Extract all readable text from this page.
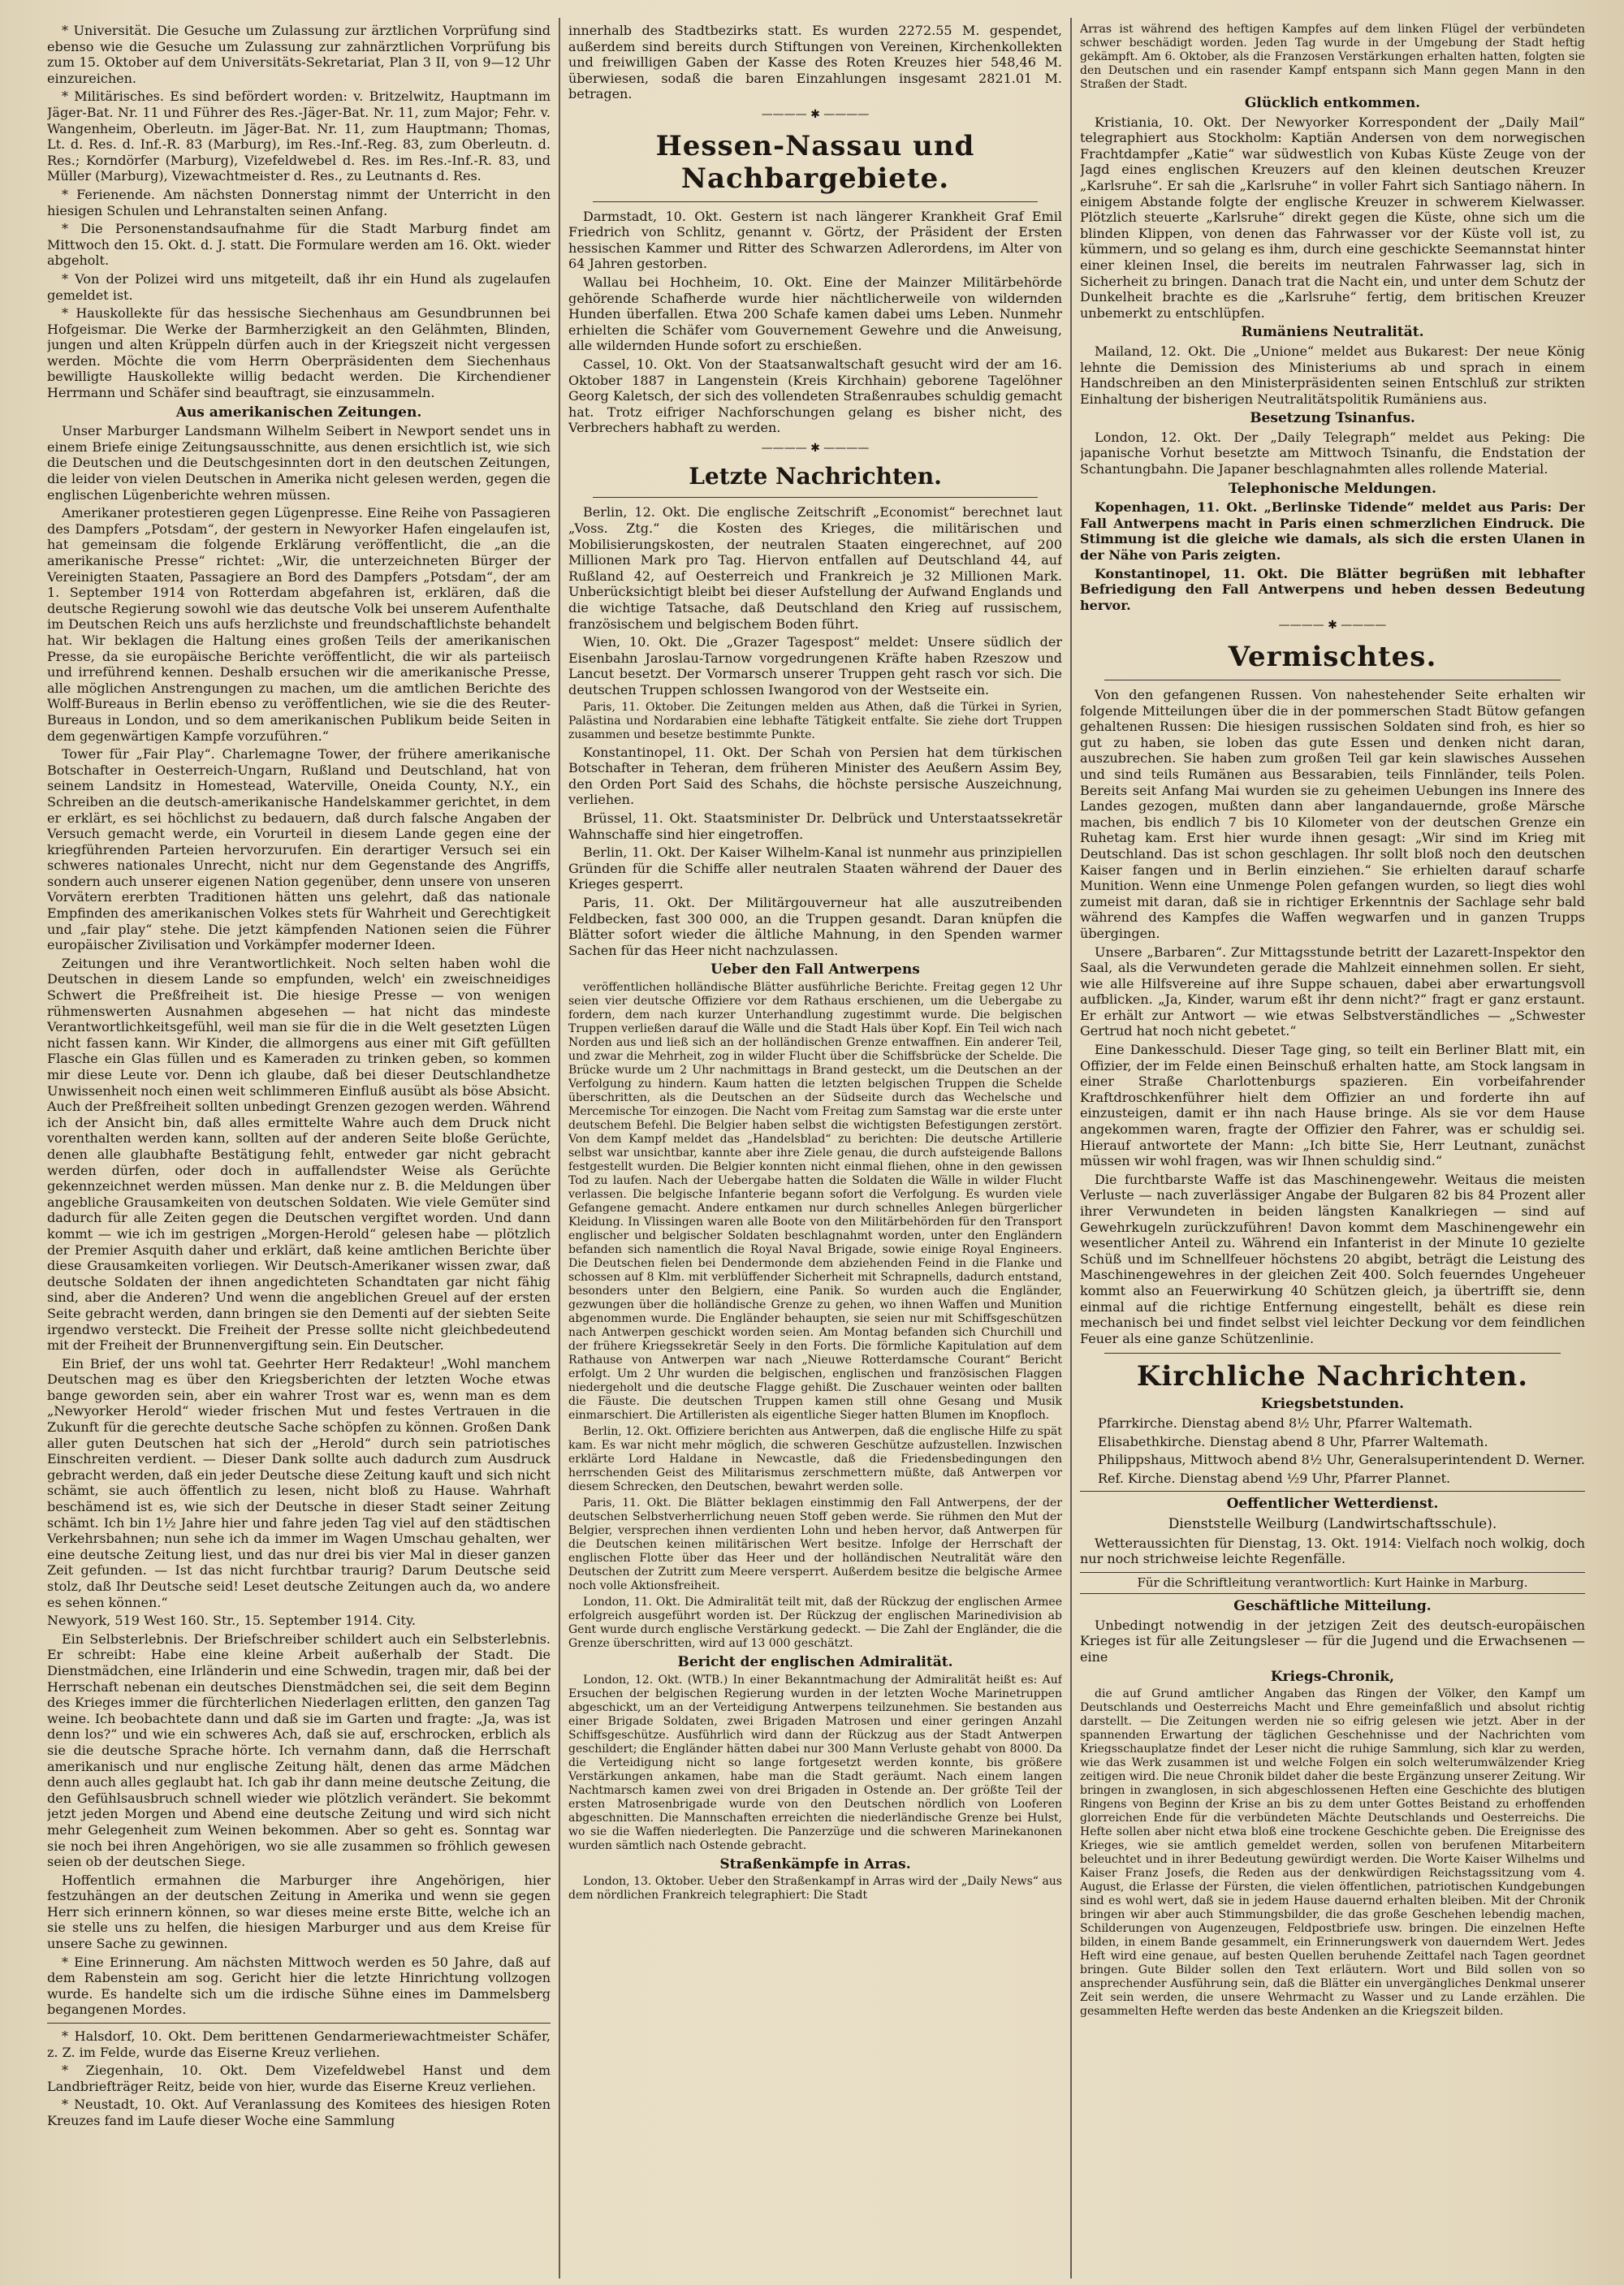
* Universität. Die Gesuche um Zulassung zur ärztlichen Vorprüfung sind ebenso wie die Gesuche um Zulassung zur zahnärztlichen Vorprüfung bis zum 15. Oktober auf dem Universitäts-Sekretariat, Plan 3 II, von 9—12 Uhr einzureichen.

* Militärisches. Es sind befördert worden: v. Britzelwitz, Hauptmann im Jäger-Bat. Nr. 11 und Führer des Res.-Jäger-Bat. Nr. 11, zum Major; Fehr. v. Wangenheim, Oberleutn. im Jäger-Bat. Nr. 11, zum Hauptmann; Thomas, Lt. d. Res. d. Inf.-R. 83 (Marburg), im Res.-Inf.-Reg. 83, zum Oberleutn. d. Res.; Korndörfer (Marburg), Vizefeldwebel d. Res. im Res.-Inf.-R. 83, und Müller (Marburg), Vizewachtmeister d. Res., zu Leutnants d. Res.

* Ferienende. Am nächsten Donnerstag nimmt der Unterricht in den hiesigen Schulen und Lehranstalten seinen Anfang.

* Die Personenstandsaufnahme für die Stadt Marburg findet am Mittwoch den 15. Okt. d. J. statt. Die Formulare werden am 16. Okt. wieder abgeholt.

* Von der Polizei wird uns mitgeteilt, daß ihr ein Hund als zugelaufen gemeldet ist.

* Hauskollekte für das hessische Siechenhaus am Gesundbrunnen bei Hofgeismar. Die Werke der Barmherzigkeit an den Gelähmten, Blinden, jungen und alten Krüppeln dürfen auch in der Kriegszeit nicht vergessen werden. Möchte die vom Herrn Oberpräsidenten dem Siechenhaus bewilligte Hauskollekte willig bedacht werden. Die Kirchendiener Herrmann und Schäfer sind beauftragt, sie einzusammeln.

Aus amerikanischen Zeitungen.

Unser Marburger Landsmann Wilhelm Seibert in Newport sendet uns in einem Briefe einige Zeitungsausschnitte, aus denen ersichtlich ist, wie sich die Deutschen und die Deutschgesinnten dort in den deutschen Zeitungen, die leider von vielen Deutschen in Amerika nicht gelesen werden, gegen die englischen Lügenberichte wehren müssen.

Amerikaner protestieren gegen Lügenpresse. Eine Reihe von Passagieren des Dampfers „Potsdam“, der gestern in Newyorker Hafen eingelaufen ist, hat gemeinsam die folgende Erklärung veröffentlicht, die „an die amerikanische Presse“ richtet: „Wir, die unterzeichneten Bürger der Vereinigten Staaten, Passagiere an Bord des Dampfers „Potsdam“, der am 1. September 1914 von Rotterdam abgefahren ist, erklären, daß die deutsche Regierung sowohl wie das deutsche Volk bei unserem Aufenthalte im Deutschen Reich uns aufs herzlichste und freundschaftlichste behandelt hat. Wir beklagen die Haltung eines großen Teils der amerikanischen Presse, da sie europäische Berichte veröffentlicht, die wir als parteiisch und irreführend kennen. Deshalb ersuchen wir die amerikanische Presse, alle möglichen Anstrengungen zu machen, um die amtlichen Berichte des Wolff-Bureaus in Berlin ebenso zu veröffentlichen, wie sie die des Reuter-Bureaus in London, und so dem amerikanischen Publikum beide Seiten in dem gegenwärtigen Kampfe vorzuführen.“

Tower für „Fair Play“. Charlemagne Tower, der frühere amerikanische Botschafter in Oesterreich-Ungarn, Rußland und Deutschland, hat von seinem Landsitz in Homestead, Waterville, Oneida County, N.Y., ein Schreiben an die deutsch-amerikanische Handelskammer gerichtet, in dem er erklärt, es sei höchlichst zu bedauern, daß durch falsche Angaben der Versuch gemacht werde, ein Vorurteil in diesem Lande gegen eine der kriegführenden Parteien hervorzurufen. Ein derartiger Versuch sei ein schweres nationales Unrecht, nicht nur dem Gegenstande des Angriffs, sondern auch unserer eigenen Nation gegenüber, denn unsere von unseren Vorvätern ererbten Traditionen hätten uns gelehrt, daß das nationale Empfinden des amerikanischen Volkes stets für Wahrheit und Gerechtigkeit und „fair play“ stehe. Die jetzt kämpfenden Nationen seien die Führer europäischer Zivilisation und Vorkämpfer moderner Ideen.

Zeitungen und ihre Verantwortlichkeit. Noch selten haben wohl die Deutschen in diesem Lande so empfunden, welch' ein zweischneidiges Schwert die Preßfreiheit ist. Die hiesige Presse — von wenigen rühmenswerten Ausnahmen abgesehen — hat nicht das mindeste Verantwortlichkeitsgefühl, weil man sie für die in die Welt gesetzten Lügen nicht fassen kann. Wir Kinder, die allmorgens aus einer mit Gift gefüllten Flasche ein Glas füllen und es Kameraden zu trinken geben, so kommen mir diese Leute vor. Denn ich glaube, daß bei dieser Deutschlandhetze Unwissenheit noch einen weit schlimmeren Einfluß ausübt als böse Absicht. Auch der Preßfreiheit sollten unbedingt Grenzen gezogen werden. Während ich der Ansicht bin, daß alles ermittelte Wahre auch dem Druck nicht vorenthalten werden kann, sollten auf der anderen Seite bloße Gerüchte, denen alle glaubhafte Bestätigung fehlt, entweder gar nicht gebracht werden dürfen, oder doch in auffallendster Weise als Gerüchte gekennzeichnet werden müssen. Man denke nur z. B. die Meldungen über angebliche Grausamkeiten von deutschen Soldaten. Wie viele Gemüter sind dadurch für alle Zeiten gegen die Deutschen vergiftet worden. Und dann kommt — wie ich im gestrigen „Morgen-Herold“ gelesen habe — plötzlich der Premier Asquith daher und erklärt, daß keine amtlichen Berichte über diese Grausamkeiten vorliegen. Wir Deutsch-Amerikaner wissen zwar, daß deutsche Soldaten der ihnen angedichteten Schandtaten gar nicht fähig sind, aber die Anderen? Und wenn die angeblichen Greuel auf der ersten Seite gebracht werden, dann bringen sie den Dementi auf der siebten Seite irgendwo versteckt. Die Freiheit der Presse sollte nicht gleichbedeutend mit der Freiheit der Brunnenvergiftung sein. Ein Deutscher.

Ein Brief, der uns wohl tat. Geehrter Herr Redakteur! „Wohl manchem Deutschen mag es über den Kriegsberichten der letzten Woche etwas bange geworden sein, aber ein wahrer Trost war es, wenn man es dem „Newyorker Herold“ wieder frischen Mut und festes Vertrauen in die Zukunft für die gerechte deutsche Sache schöpfen zu können. Großen Dank aller guten Deutschen hat sich der „Herold“ durch sein patriotisches Einschreiten verdient. — Dieser Dank sollte auch dadurch zum Ausdruck gebracht werden, daß ein jeder Deutsche diese Zeitung kauft und sich nicht schämt, sie auch öffentlich zu lesen, nicht bloß zu Hause. Wahrhaft beschämend ist es, wie sich der Deutsche in dieser Stadt seiner Zeitung schämt. Ich bin 1½ Jahre hier und fahre jeden Tag viel auf den städtischen Verkehrsbahnen; nun sehe ich da immer im Wagen Umschau gehalten, wer eine deutsche Zeitung liest, und das nur drei bis vier Mal in dieser ganzen Zeit gefunden. — Ist das nicht furchtbar traurig? Darum Deutsche seid stolz, daß Ihr Deutsche seid! Leset deutsche Zeitungen auch da, wo andere es sehen können.“

Newyork, 519 West 160. Str., 15. September 1914. City.

Ein Selbsterlebnis. Der Briefschreiber schildert auch ein Selbsterlebnis. Er schreibt: Habe eine kleine Arbeit außerhalb der Stadt. Die Dienstmädchen, eine Irländerin und eine Schwedin, tragen mir, daß bei der Herrschaft nebenan ein deutsches Dienstmädchen sei, die seit dem Beginn des Krieges immer die fürchterlichen Niederlagen erlitten, den ganzen Tag weine. Ich beobachtete dann und daß sie im Garten und fragte: „Ja, was ist denn los?“ und wie ein schweres Ach, daß sie auf, erschrocken, erblich als sie die deutsche Sprache hörte. Ich vernahm dann, daß die Herrschaft amerikanisch und nur englische Zeitung hält, denen das arme Mädchen denn auch alles geglaubt hat. Ich gab ihr dann meine deutsche Zeitung, die den Gefühlsausbruch schnell wieder wie plötzlich verändert. Sie bekommt jetzt jeden Morgen und Abend eine deutsche Zeitung und wird sich nicht mehr Gelegenheit zum Weinen bekommen. Aber so geht es. Sonntag war sie noch bei ihren Angehörigen, wo sie alle zusammen so fröhlich gewesen seien ob der deutschen Siege.

Hoffentlich ermahnen die Marburger ihre Angehörigen, hier festzuhängen an der deutschen Zeitung in Amerika und wenn sie gegen Herr sich erinnern können, so war dieses meine erste Bitte, welche ich an sie stelle uns zu helfen, die hiesigen Marburger und aus dem Kreise für unsere Sache zu gewinnen.

* Eine Erinnerung. Am nächsten Mittwoch werden es 50 Jahre, daß auf dem Rabenstein am sog. Gericht hier die letzte Hinrichtung vollzogen wurde. Es handelte sich um die irdische Sühne eines im Dammelsberg begangenen Mordes.

* Halsdorf, 10. Okt. Dem berittenen Gendarmeriewachtmeister Schäfer, z. Z. im Felde, wurde das Eiserne Kreuz verliehen.

* Ziegenhain, 10. Okt. Dem Vizefeldwebel Hanst und dem Landbriefträger Reitz, beide von hier, wurde das Eiserne Kreuz verliehen.

* Neustadt, 10. Okt. Auf Veranlassung des Komitees des hiesigen Roten Kreuzes fand im Laufe dieser Woche eine Sammlung

innerhalb des Stadtbezirks statt. Es wurden 2272.55 M. gespendet, außerdem sind bereits durch Stiftungen von Vereinen, Kirchenkollekten und freiwilligen Gaben der Kasse des Roten Kreuzes hier 548,46 M. überwiesen, sodaß die baren Einzahlungen insgesamt 2821.01 M. betragen.

———— ✱ ————
Hessen-Nassau und Nachbargebiete.

Darmstadt, 10. Okt. Gestern ist nach längerer Krankheit Graf Emil Friedrich von Schlitz, genannt v. Görtz, der Präsident der Ersten hessischen Kammer und Ritter des Schwarzen Adlerordens, im Alter von 64 Jahren gestorben.

Wallau bei Hochheim, 10. Okt. Eine der Mainzer Militärbehörde gehörende Schafherde wurde hier nächtlicherweile von wildernden Hunden überfallen. Etwa 200 Schafe kamen dabei ums Leben. Nunmehr erhielten die Schäfer vom Gouvernement Gewehre und die Anweisung, alle wildernden Hunde sofort zu erschießen.

Cassel, 10. Okt. Von der Staatsanwaltschaft gesucht wird der am 16. Oktober 1887 in Langenstein (Kreis Kirchhain) geborene Tagelöhner Georg Kaletsch, der sich des vollendeten Straßenraubes schuldig gemacht hat. Trotz eifriger Nachforschungen gelang es bisher nicht, des Verbrechers habhaft zu werden.

———— ✱ ————
Letzte Nachrichten.

Berlin, 12. Okt. Die englische Zeitschrift „Economist“ berechnet laut „Voss. Ztg.“ die Kosten des Krieges, die militärischen und Mobilisierungskosten, der neutralen Staaten eingerechnet, auf 200 Millionen Mark pro Tag. Hiervon entfallen auf Deutschland 44, auf Rußland 42, auf Oesterreich und Frankreich je 32 Millionen Mark. Unberücksichtigt bleibt bei dieser Aufstellung der Aufwand Englands und die wichtige Tatsache, daß Deutschland den Krieg auf russischem, französischem und belgischem Boden führt.

Wien, 10. Okt. Die „Grazer Tagespost“ meldet: Unsere südlich der Eisenbahn Jaroslau-Tarnow vorgedrungenen Kräfte haben Rzeszow und Lancut besetzt. Der Vormarsch unserer Truppen geht rasch vor sich. Die deutschen Truppen schlossen Iwangorod von der Westseite ein.

Paris, 11. Oktober. Die Zeitungen melden aus Athen, daß die Türkei in Syrien, Palästina und Nordarabien eine lebhafte Tätigkeit entfalte. Sie ziehe dort Truppen zusammen und besetze bestimmte Punkte.

Konstantinopel, 11. Okt. Der Schah von Persien hat dem türkischen Botschafter in Teheran, dem früheren Minister des Aeußern Assim Bey, den Orden Port Said des Schahs, die höchste persische Auszeichnung, verliehen.

Brüssel, 11. Okt. Staatsminister Dr. Delbrück und Unterstaatssekretär Wahnschaffe sind hier eingetroffen.

Berlin, 11. Okt. Der Kaiser Wilhelm-Kanal ist nunmehr aus prinzipiellen Gründen für die Schiffe aller neutralen Staaten während der Dauer des Krieges gesperrt.

Paris, 11. Okt. Der Militärgouverneur hat alle auszutreibenden Feldbecken, fast 300 000, an die Truppen gesandt. Daran knüpfen die Blätter sofort wieder die ältliche Mahnung, in den Spenden warmer Sachen für das Heer nicht nachzulassen.

Ueber den Fall Antwerpens

veröffentlichen holländische Blätter ausführliche Berichte. Freitag gegen 12 Uhr seien vier deutsche Offiziere vor dem Rathaus erschienen, um die Uebergabe zu fordern, dem nach kurzer Unterhandlung zugestimmt wurde. Die belgischen Truppen verließen darauf die Wälle und die Stadt Hals über Kopf. Ein Teil wich nach Norden aus und ließ sich an der holländischen Grenze entwaffnen. Ein anderer Teil, und zwar die Mehrheit, zog in wilder Flucht über die Schiffsbrücke der Schelde. Die Brücke wurde um 2 Uhr nachmittags in Brand gesteckt, um die Deutschen an der Verfolgung zu hindern. Kaum hatten die letzten belgischen Truppen die Schelde überschritten, als die Deutschen an der Südseite durch das Wechelsche und Mercemische Tor einzogen. Die Nacht vom Freitag zum Samstag war die erste unter deutschem Befehl. Die Belgier haben selbst die wichtigsten Befestigungen zerstört. Von dem Kampf meldet das „Handelsblad“ zu berichten: Die deutsche Artillerie selbst war unsichtbar, kannte aber ihre Ziele genau, die durch aufsteigende Ballons festgestellt wurden. Die Belgier konnten nicht einmal fliehen, ohne in den gewissen Tod zu laufen. Nach der Uebergabe hatten die Soldaten die Wälle in wilder Flucht verlassen. Die belgische Infanterie begann sofort die Verfolgung. Es wurden viele Gefangene gemacht. Andere entkamen nur durch schnelles Anlegen bürgerlicher Kleidung. In Vlissingen waren alle Boote von den Militärbehörden für den Transport englischer und belgischer Soldaten beschlagnahmt worden, unter den Engländern befanden sich namentlich die Royal Naval Brigade, sowie einige Royal Engineers. Die Deutschen fielen bei Dendermonde dem abziehenden Feind in die Flanke und schossen auf 8 Klm. mit verblüffender Sicherheit mit Schrapnells, dadurch entstand, besonders unter den Belgiern, eine Panik. So wurden auch die Engländer, gezwungen über die holländische Grenze zu gehen, wo ihnen Waffen und Munition abgenommen wurde. Die Engländer behaupten, sie seien nur mit Schiffsgeschützen nach Antwerpen geschickt worden seien. Am Montag befanden sich Churchill und der frühere Kriegssekretär Seely in den Forts. Die förmliche Kapitulation auf dem Rathause von Antwerpen war nach „Nieuwe Rotterdamsche Courant“ Bericht erfolgt. Um 2 Uhr wurden die belgischen, englischen und französischen Flaggen niedergeholt und die deutsche Flagge gehißt. Die Zuschauer weinten oder ballten die Fäuste. Die deutschen Truppen kamen still ohne Gesang und Musik einmarschiert. Die Artilleristen als eigentliche Sieger hatten Blumen im Knopfloch.

Berlin, 12. Okt. Offiziere berichten aus Antwerpen, daß die englische Hilfe zu spät kam. Es war nicht mehr möglich, die schweren Geschütze aufzustellen. Inzwischen erklärte Lord Haldane in Newcastle, daß die Friedensbedingungen den herrschenden Geist des Militarismus zerschmettern müßte, daß Antwerpen vor diesem Schrecken, den Deutschen, bewahrt werden solle.

Paris, 11. Okt. Die Blätter beklagen einstimmig den Fall Antwerpens, der der deutschen Selbstverherrlichung neuen Stoff geben werde. Sie rühmen den Mut der Belgier, versprechen ihnen verdienten Lohn und heben hervor, daß Antwerpen für die Deutschen keinen militärischen Wert besitze. Infolge der Herrschaft der englischen Flotte über das Heer und der holländischen Neutralität wäre den Deutschen der Zutritt zum Meere versperrt. Außerdem besitze die belgische Armee noch volle Aktionsfreiheit.

London, 11. Okt. Die Admiralität teilt mit, daß der Rückzug der englischen Armee erfolgreich ausgeführt worden ist. Der Rückzug der englischen Marinedivision ab Gent wurde durch englische Verstärkung gedeckt. — Die Zahl der Engländer, die die Grenze überschritten, wird auf 13 000 geschätzt.

Bericht der englischen Admiralität.

London, 12. Okt. (WTB.) In einer Bekanntmachung der Admiralität heißt es: Auf Ersuchen der belgischen Regierung wurden in der letzten Woche Marinetruppen abgeschickt, um an der Verteidigung Antwerpens teilzunehmen. Sie bestanden aus einer Brigade Soldaten, zwei Brigaden Matrosen und einer geringen Anzahl Schiffsgeschütze. Ausführlich wird dann der Rückzug aus der Stadt Antwerpen geschildert; die Engländer hätten dabei nur 300 Mann Verluste gehabt von 8000. Da die Verteidigung nicht so lange fortgesetzt werden konnte, bis größere Verstärkungen ankamen, habe man die Stadt geräumt. Nach einem langen Nachtmarsch kamen zwei von drei Brigaden in Ostende an. Der größte Teil der ersten Matrosenbrigade wurde von den Deutschen nördlich von Looferen abgeschnitten. Die Mannschaften erreichten die niederländische Grenze bei Hulst, wo sie die Waffen niederlegten. Die Panzerzüge und die schweren Marinekanonen wurden sämtlich nach Ostende gebracht.

Straßenkämpfe in Arras.

London, 13. Oktober. Ueber den Straßenkampf in Arras wird der „Daily News“ aus dem nördlichen Frankreich telegraphiert: Die Stadt

Arras ist während des heftigen Kampfes auf dem linken Flügel der verbündeten schwer beschädigt worden. Jeden Tag wurde in der Umgebung der Stadt heftig gekämpft. Am 6. Oktober, als die Franzosen Verstärkungen erhalten hatten, folgten sie den Deutschen und ein rasender Kampf entspann sich Mann gegen Mann in den Straßen der Stadt.

Glücklich entkommen.

Kristiania, 10. Okt. Der Newyorker Korrespondent der „Daily Mail“ telegraphiert aus Stockholm: Kaptiän Andersen von dem norwegischen Frachtdampfer „Katie“ war südwestlich von Kubas Küste Zeuge von der Jagd eines englischen Kreuzers auf den kleinen deutschen Kreuzer „Karlsruhe“. Er sah die „Karlsruhe“ in voller Fahrt sich Santiago nähern. In einigem Abstande folgte der englische Kreuzer in schwerem Kielwasser. Plötzlich steuerte „Karlsruhe“ direkt gegen die Küste, ohne sich um die blinden Klippen, von denen das Fahrwasser vor der Küste voll ist, zu kümmern, und so gelang es ihm, durch eine geschickte Seemannstat hinter einer kleinen Insel, die bereits im neutralen Fahrwasser lag, sich in Sicherheit zu bringen. Danach trat die Nacht ein, und unter dem Schutz der Dunkelheit brachte es die „Karlsruhe“ fertig, dem britischen Kreuzer unbemerkt zu entschlüpfen.

Rumäniens Neutralität.

Mailand, 12. Okt. Die „Unione“ meldet aus Bukarest: Der neue König lehnte die Demission des Ministeriums ab und sprach in einem Handschreiben an den Ministerpräsidenten seinen Entschluß zur strikten Einhaltung der bisherigen Neutralitätspolitik Rumäniens aus.

Besetzung Tsinanfus.

London, 12. Okt. Der „Daily Telegraph“ meldet aus Peking: Die japanische Vorhut besetzte am Mittwoch Tsinanfu, die Endstation der Schantungbahn. Die Japaner beschlagnahmten alles rollende Material.

Telephonische Meldungen.

Kopenhagen, 11. Okt. „Berlinske Tidende“ meldet aus Paris: Der Fall Antwerpens macht in Paris einen schmerzlichen Eindruck. Die Stimmung ist die gleiche wie damals, als sich die ersten Ulanen in der Nähe von Paris zeigten.

Konstantinopel, 11. Okt. Die Blätter begrüßen mit lebhafter Befriedigung den Fall Antwerpens und heben dessen Bedeutung hervor.

———— ✱ ————
Vermischtes.

Von den gefangenen Russen. Von nahestehender Seite erhalten wir folgende Mitteilungen über die in der pommerschen Stadt Bütow gefangen gehaltenen Russen: Die hiesigen russischen Soldaten sind froh, es hier so gut zu haben, sie loben das gute Essen und denken nicht daran, auszubrechen. Sie haben zum großen Teil gar kein slawisches Aussehen und sind teils Rumänen aus Bessarabien, teils Finnländer, teils Polen. Bereits seit Anfang Mai wurden sie zu geheimen Uebungen ins Innere des Landes gezogen, mußten dann aber langandauernde, große Märsche machen, bis endlich 7 bis 10 Kilometer von der deutschen Grenze ein Ruhetag kam. Erst hier wurde ihnen gesagt: „Wir sind im Krieg mit Deutschland. Das ist schon geschlagen. Ihr sollt bloß noch den deutschen Kaiser fangen und in Berlin einziehen.“ Sie erhielten darauf scharfe Munition. Wenn eine Unmenge Polen gefangen wurden, so liegt dies wohl zumeist mit daran, daß sie in richtiger Erkenntnis der Sachlage sehr bald während des Kampfes die Waffen wegwarfen und in ganzen Trupps übergingen.

Unsere „Barbaren“. Zur Mittagsstunde betritt der Lazarett-Inspektor den Saal, als die Verwundeten gerade die Mahlzeit einnehmen sollen. Er sieht, wie alle Hilfsvereine auf ihre Suppe schauen, dabei aber erwartungsvoll aufblicken. „Ja, Kinder, warum eßt ihr denn nicht?“ fragt er ganz erstaunt. Er erhält zur Antwort — wie etwas Selbstverständliches — „Schwester Gertrud hat noch nicht gebetet.“

Eine Dankesschuld. Dieser Tage ging, so teilt ein Berliner Blatt mit, ein Offizier, der im Felde einen Beinschuß erhalten hatte, am Stock langsam in einer Straße Charlottenburgs spazieren. Ein vorbeifahrender Kraftdroschkenführer hielt dem Offizier an und forderte ihn auf einzusteigen, damit er ihn nach Hause bringe. Als sie vor dem Hause angekommen waren, fragte der Offizier den Fahrer, was er schuldig sei. Hierauf antwortete der Mann: „Ich bitte Sie, Herr Leutnant, zunächst müssen wir wohl fragen, was wir Ihnen schuldig sind.“

Die furchtbarste Waffe ist das Maschinengewehr. Weitaus die meisten Verluste — nach zuverlässiger Angabe der Bulgaren 82 bis 84 Prozent aller ihrer Verwundeten in beiden längsten Kanalkriegen — sind auf Gewehrkugeln zurückzuführen! Davon kommt dem Maschinengewehr ein wesentlicher Anteil zu. Während ein Infanterist in der Minute 10 gezielte Schüß und im Schnellfeuer höchstens 20 abgibt, beträgt die Leistung des Maschinengewehres in der gleichen Zeit 400. Solch feuerndes Ungeheuer kommt also an Feuerwirkung 40 Schützen gleich, ja übertrifft sie, denn einmal auf die richtige Entfernung eingestellt, behält es diese rein mechanisch bei und findet selbst viel leichter Deckung vor dem feindlichen Feuer als eine ganze Schützenlinie.

Kirchliche Nachrichten.
Kriegsbetstunden.

Pfarrkirche. Dienstag abend 8½ Uhr, Pfarrer Waltemath.

Elisabethkirche. Dienstag abend 8 Uhr, Pfarrer Waltemath.

Philippshaus, Mittwoch abend 8½ Uhr, Generalsuperintendent D. Werner.

Ref. Kirche. Dienstag abend ½9 Uhr, Pfarrer Plannet.

Oeffentlicher Wetterdienst.
Dienststelle Weilburg (Landwirtschaftsschule).

Wetteraussichten für Dienstag, 13. Okt. 1914: Vielfach noch wolkig, doch nur noch strichweise leichte Regenfälle.

Für die Schriftleitung verantwortlich: Kurt Hainke in Marburg.
Geschäftliche Mitteilung.

Unbedingt notwendig in der jetzigen Zeit des deutsch-europäischen Krieges ist für alle Zeitungsleser — für die Jugend und die Erwachsenen — eine

Kriegs-Chronik,

die auf Grund amtlicher Angaben das Ringen der Völker, den Kampf um Deutschlands und Oesterreichs Macht und Ehre gemeinfaßlich und absolut richtig darstellt. — Die Zeitungen werden nie so eifrig gelesen wie jetzt. Aber in der spannenden Erwartung der täglichen Geschehnisse und der Nachrichten vom Kriegsschauplatze findet der Leser nicht die ruhige Sammlung, sich klar zu werden, wie das Werk zusammen ist und welche Folgen ein solch welterumwälzender Krieg zeitigen wird. Die neue Chronik bildet daher die beste Ergänzung unserer Zeitung. Wir bringen in zwanglosen, in sich abgeschlossenen Heften eine Geschichte des blutigen Ringens von Beginn der Krise an bis zu dem unter Gottes Beistand zu erhoffenden glorreichen Ende für die verbündeten Mächte Deutschlands und Oesterreichs. Die Hefte sollen aber nicht etwa bloß eine trockene Geschichte geben. Die Ereignisse des Krieges, wie sie amtlich gemeldet werden, sollen von berufenen Mitarbeitern beleuchtet und in ihrer Bedeutung gewürdigt werden. Die Worte Kaiser Wilhelms und Kaiser Franz Josefs, die Reden aus der denkwürdigen Reichstagssitzung vom 4. August, die Erlasse der Fürsten, die vielen öffentlichen, patriotischen Kundgebungen sind es wohl wert, daß sie in jedem Hause dauernd erhalten bleiben. Mit der Chronik bringen wir aber auch Stimmungsbilder, die das große Geschehen lebendig machen, Schilderungen von Augenzeugen, Feldpostbriefe usw. bringen. Die einzelnen Hefte bilden, in einem Bande gesammelt, ein Erinnerungswerk von dauerndem Wert. Jedes Heft wird eine genaue, auf besten Quellen beruhende Zeittafel nach Tagen geordnet bringen. Gute Bilder sollen den Text erläutern. Wort und Bild sollen von so ansprechender Ausführung sein, daß die Blätter ein unvergängliches Denkmal unserer Zeit sein werden, die unsere Wehrmacht zu Wasser und zu Lande erzählen. Die gesammelten Hefte werden das beste Andenken an die Kriegszeit bilden.
